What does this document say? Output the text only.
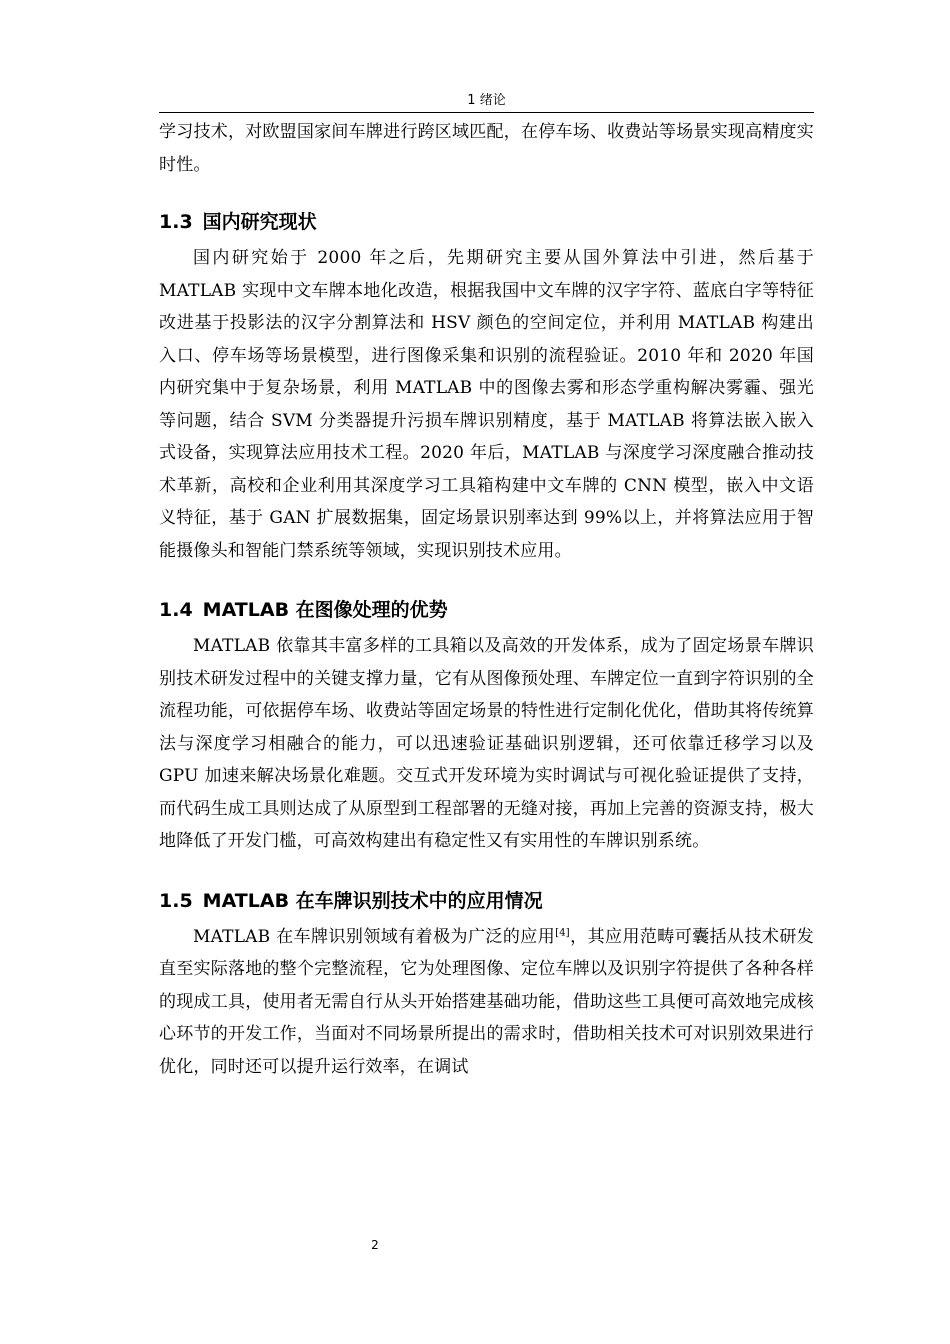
1 绪论

学习技术，对欧盟国家间车牌进行跨区域匹配，在停车场、收费站等场景实现高精度实时性。

1.3 国内研究现状

国内研究始于 2000 年之后，先期研究主要从国外算法中引进，然后基于 MATLAB 实现中文车牌本地化改造，根据我国中文车牌的汉字字符、蓝底白字等特征改进基于投影法的汉字分割算法和 HSV 颜色的空间定位，并利用 MATLAB 构建出入口、停车场等场景模型，进行图像采集和识别的流程验证。2010 年和 2020 年国内研究集中于复杂场景，利用 MATLAB 中的图像去雾和形态学重构解决雾霾、强光等问题，结合 SVM 分类器提升污损车牌识别精度，基于 MATLAB 将算法嵌入嵌入式设备，实现算法应用技术工程。2020 年后，MATLAB 与深度学习深度融合推动技术革新，高校和企业利用其深度学习工具箱构建中文车牌的 CNN 模型，嵌入中文语义特征，基于 GAN 扩展数据集，固定场景识别率达到 99%以上，并将算法应用于智能摄像头和智能门禁系统等领域，实现识别技术应用。

1.4 MATLAB 在图像处理的优势

MATLAB 依靠其丰富多样的工具箱以及高效的开发体系，成为了固定场景车牌识别技术研发过程中的关键支撑力量，它有从图像预处理、车牌定位一直到字符识别的全流程功能，可依据停车场、收费站等固定场景的特性进行定制化优化，借助其将传统算法与深度学习相融合的能力，可以迅速验证基础识别逻辑，还可依靠迁移学习以及 GPU 加速来解决场景化难题。交互式开发环境为实时调试与可视化验证提供了支持，而代码生成工具则达成了从原型到工程部署的无缝对接，再加上完善的资源支持，极大地降低了开发门槛，可高效构建出有稳定性又有实用性的车牌识别系统。

1.5 MATLAB 在车牌识别技术中的应用情况

MATLAB 在车牌识别领域有着极为广泛的应用[4]，其应用范畴可囊括从技术研发直至实际落地的整个完整流程，它为处理图像、定位车牌以及识别字符提供了各种各样的现成工具，使用者无需自行从头开始搭建基础功能，借助这些工具便可高效地完成核心环节的开发工作，当面对不同场景所提出的需求时，借助相关技术可对识别效果进行优化，同时还可以提升运行效率，在调试

2
